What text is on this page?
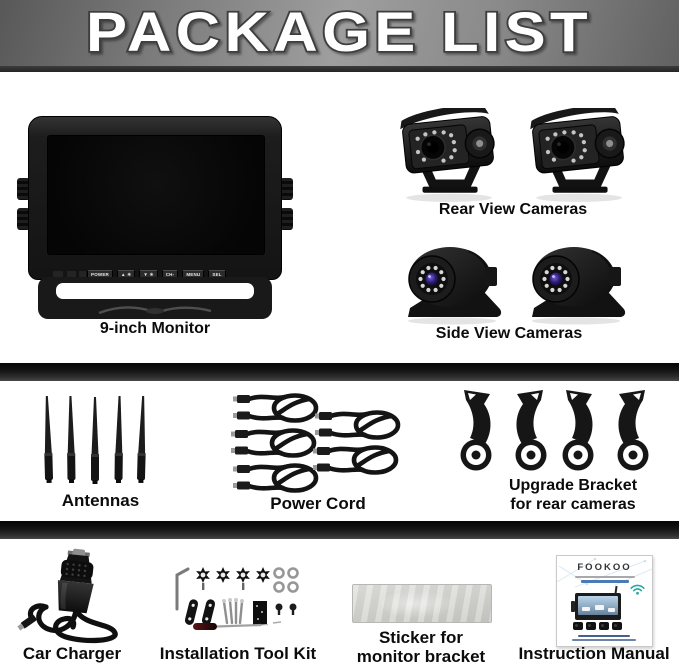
PACKAGE LIST
POWER	▲ ☀	▼ ☀	CH-	MENU	SEL
9-inch Monitor
Rear View Cameras
Side View Cameras
Antennas	Power Cord
Upgrade Bracket
for rear cameras
Car Charger	Installation Tool Kit
Sticker for
monitor bracket
FOOKOO
Instruction Manual
